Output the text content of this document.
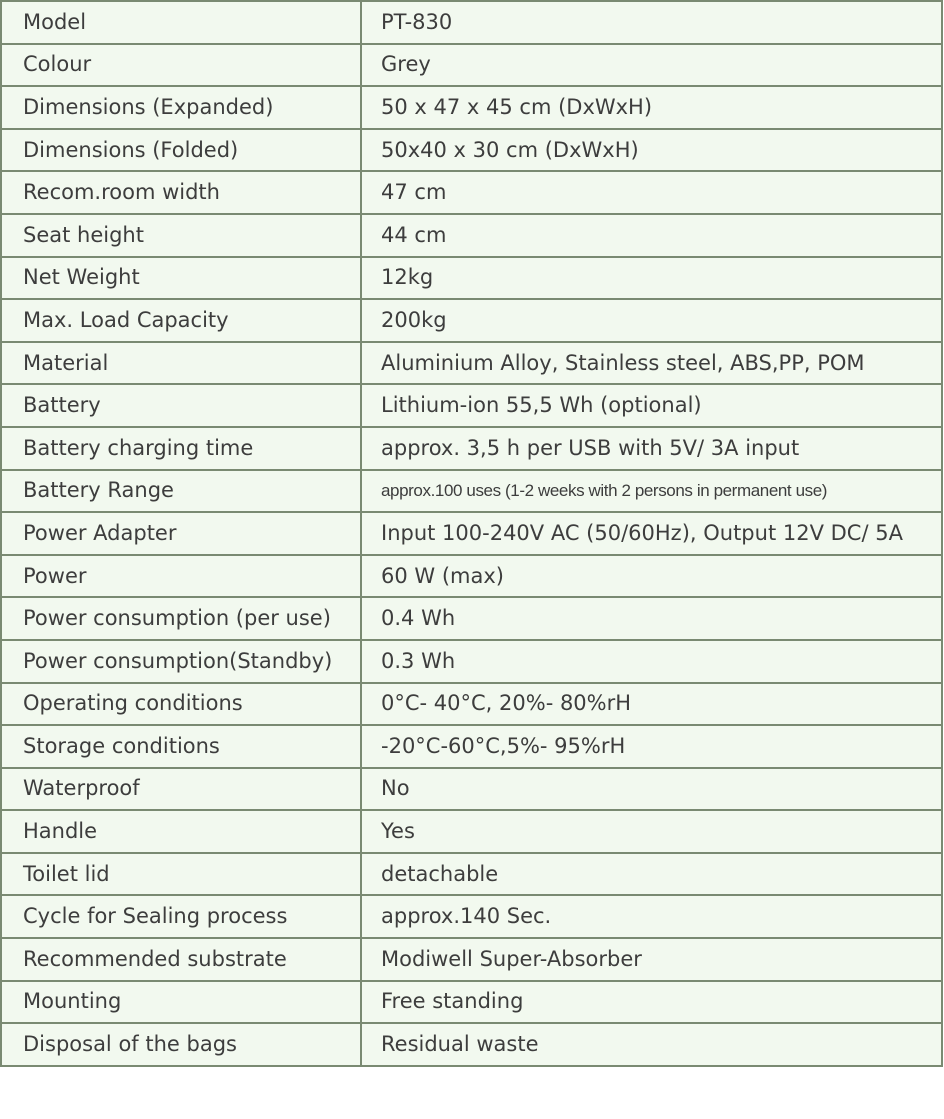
Model	PT-830
Colour	Grey
Dimensions (Expanded)	50 x 47 x 45 cm (DxWxH)
Dimensions (Folded)	50x40 x 30 cm (DxWxH)
Recom.room width	47 cm
Seat height	44 cm
Net Weight	12kg
Max. Load Capacity	200kg
Material	Aluminium Alloy, Stainless steel, ABS,PP, POM
Battery	Lithium-ion 55,5 Wh (optional)
Battery charging time	approx. 3,5 h per USB with 5V/ 3A input
Battery Range	approx.100 uses (1-2 weeks with 2 persons in permanent use)
Power Adapter	Input 100-240V AC (50/60Hz), Output 12V DC/ 5A
Power	60 W (max)
Power consumption (per use)	0.4 Wh
Power consumption(Standby)	0.3 Wh
Operating conditions	0°C- 40°C, 20%- 80%rH
Storage conditions	-20°C-60°C,5%- 95%rH
Waterproof	No
Handle	Yes
Toilet lid	detachable
Cycle for Sealing process	approx.140 Sec.
Recommended substrate	Modiwell Super-Absorber
Mounting	Free standing
Disposal of the bags	Residual waste
